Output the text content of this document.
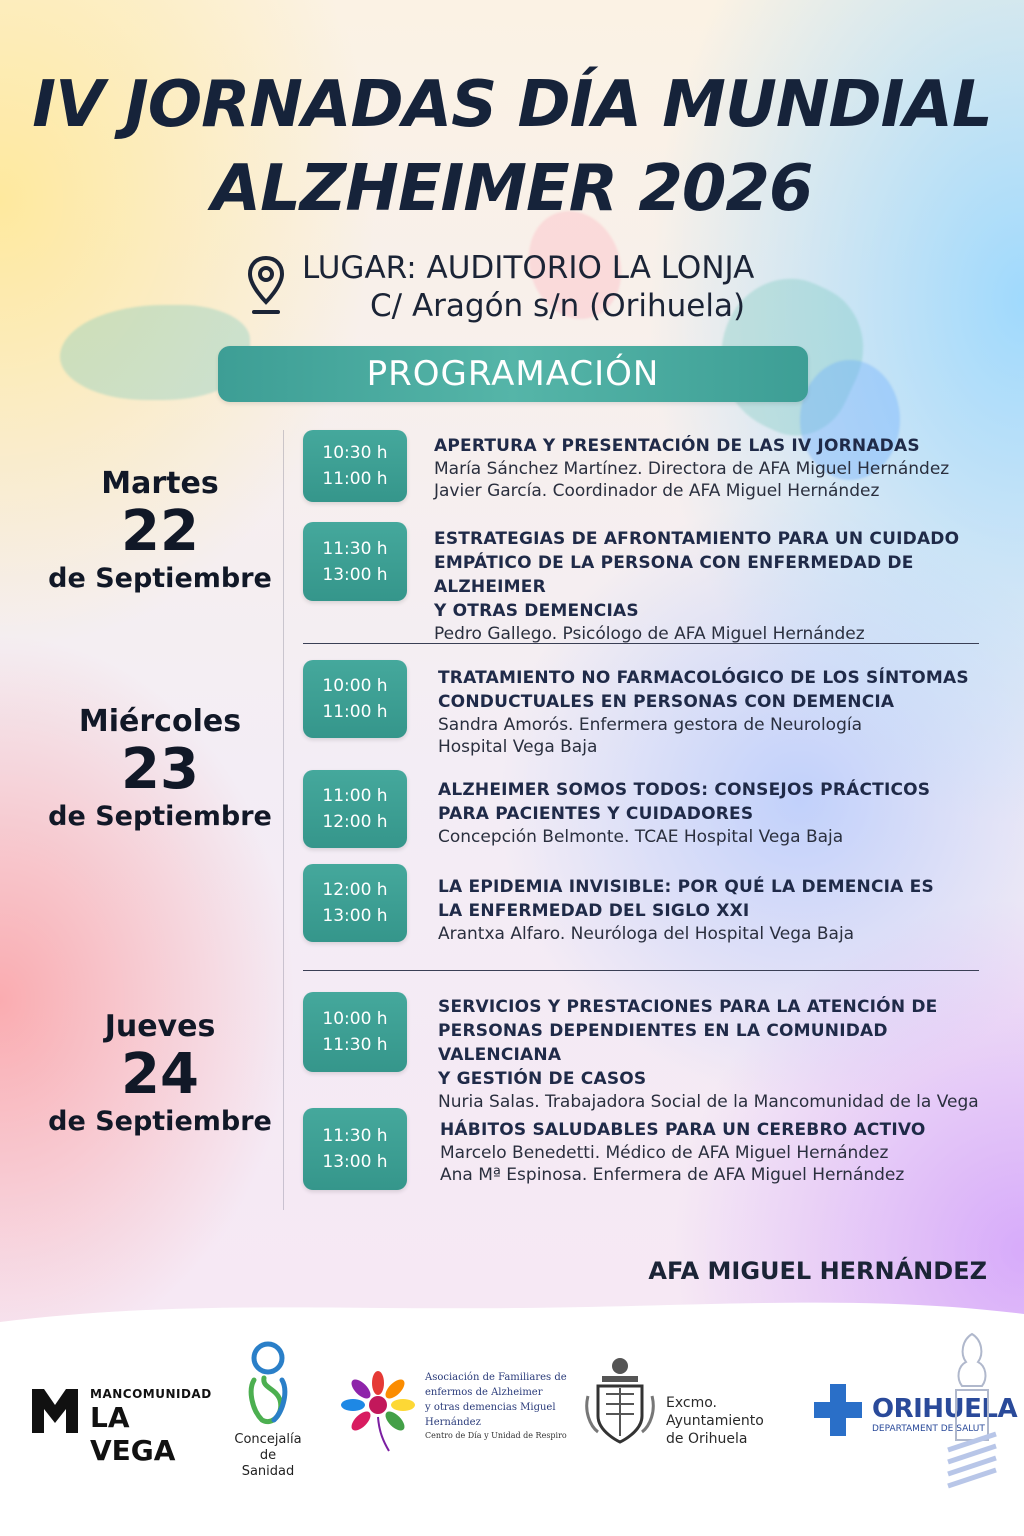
IV JORNADAS DÍA MUNDIAL
ALZHEIMER 2026
LUGAR: AUDITORIO LA LONJA
C/ Aragón s/n (Orihuela)
PROGRAMACIÓN
Martes
22
de Septiembre
10:30 h
11:00 h
APERTURA Y PRESENTACIÓN DE LAS IV JORNADAS
María Sánchez Martínez. Directora de AFA Miguel Hernández
Javier García. Coordinador de AFA Miguel Hernández
11:30 h
13:00 h
ESTRATEGIAS DE AFRONTAMIENTO PARA UN CUIDADO
EMPÁTICO DE LA PERSONA CON ENFERMEDAD DE ALZHEIMER
Y OTRAS DEMENCIAS
Pedro Gallego. Psicólogo de AFA Miguel Hernández
Miércoles
23
de Septiembre
10:00 h
11:00 h
TRATAMIENTO NO FARMACOLÓGICO DE LOS SÍNTOMAS
CONDUCTUALES EN PERSONAS CON DEMENCIA
Sandra Amorós. Enfermera gestora de Neurología
Hospital Vega Baja
11:00 h
12:00 h
ALZHEIMER SOMOS TODOS: CONSEJOS PRÁCTICOS
PARA PACIENTES Y CUIDADORES
Concepción Belmonte. TCAE Hospital Vega Baja
12:00 h
13:00 h
LA EPIDEMIA INVISIBLE: POR QUÉ LA DEMENCIA ES
LA ENFERMEDAD DEL SIGLO XXI
Arantxa Alfaro. Neuróloga del Hospital Vega Baja
Jueves
24
de Septiembre
10:00 h
11:30 h
SERVICIOS Y PRESTACIONES PARA LA ATENCIÓN DE
PERSONAS DEPENDIENTES EN LA COMUNIDAD VALENCIANA
Y GESTIÓN DE CASOS
Nuria Salas. Trabajadora Social de la Mancomunidad de la Vega
11:30 h
13:00 h
HÁBITOS SALUDABLES PARA UN CEREBRO ACTIVO
Marcelo Benedetti. Médico de AFA Miguel Hernández
Ana Mª Espinosa. Enfermera de AFA Miguel Hernández
AFA MIGUEL HERNÁNDEZ
MANCOMUNIDAD
LA VEGA	Concejalía
de Sanidad
Asociación de Familiares de
enfermos de Alzheimer
y otras demencias Miguel
Hernández
Centro de Día y Unidad de Respiro
Excmo. Ayuntamiento
de Orihuela
ORIHUELA
DEPARTAMENT DE SALUT
